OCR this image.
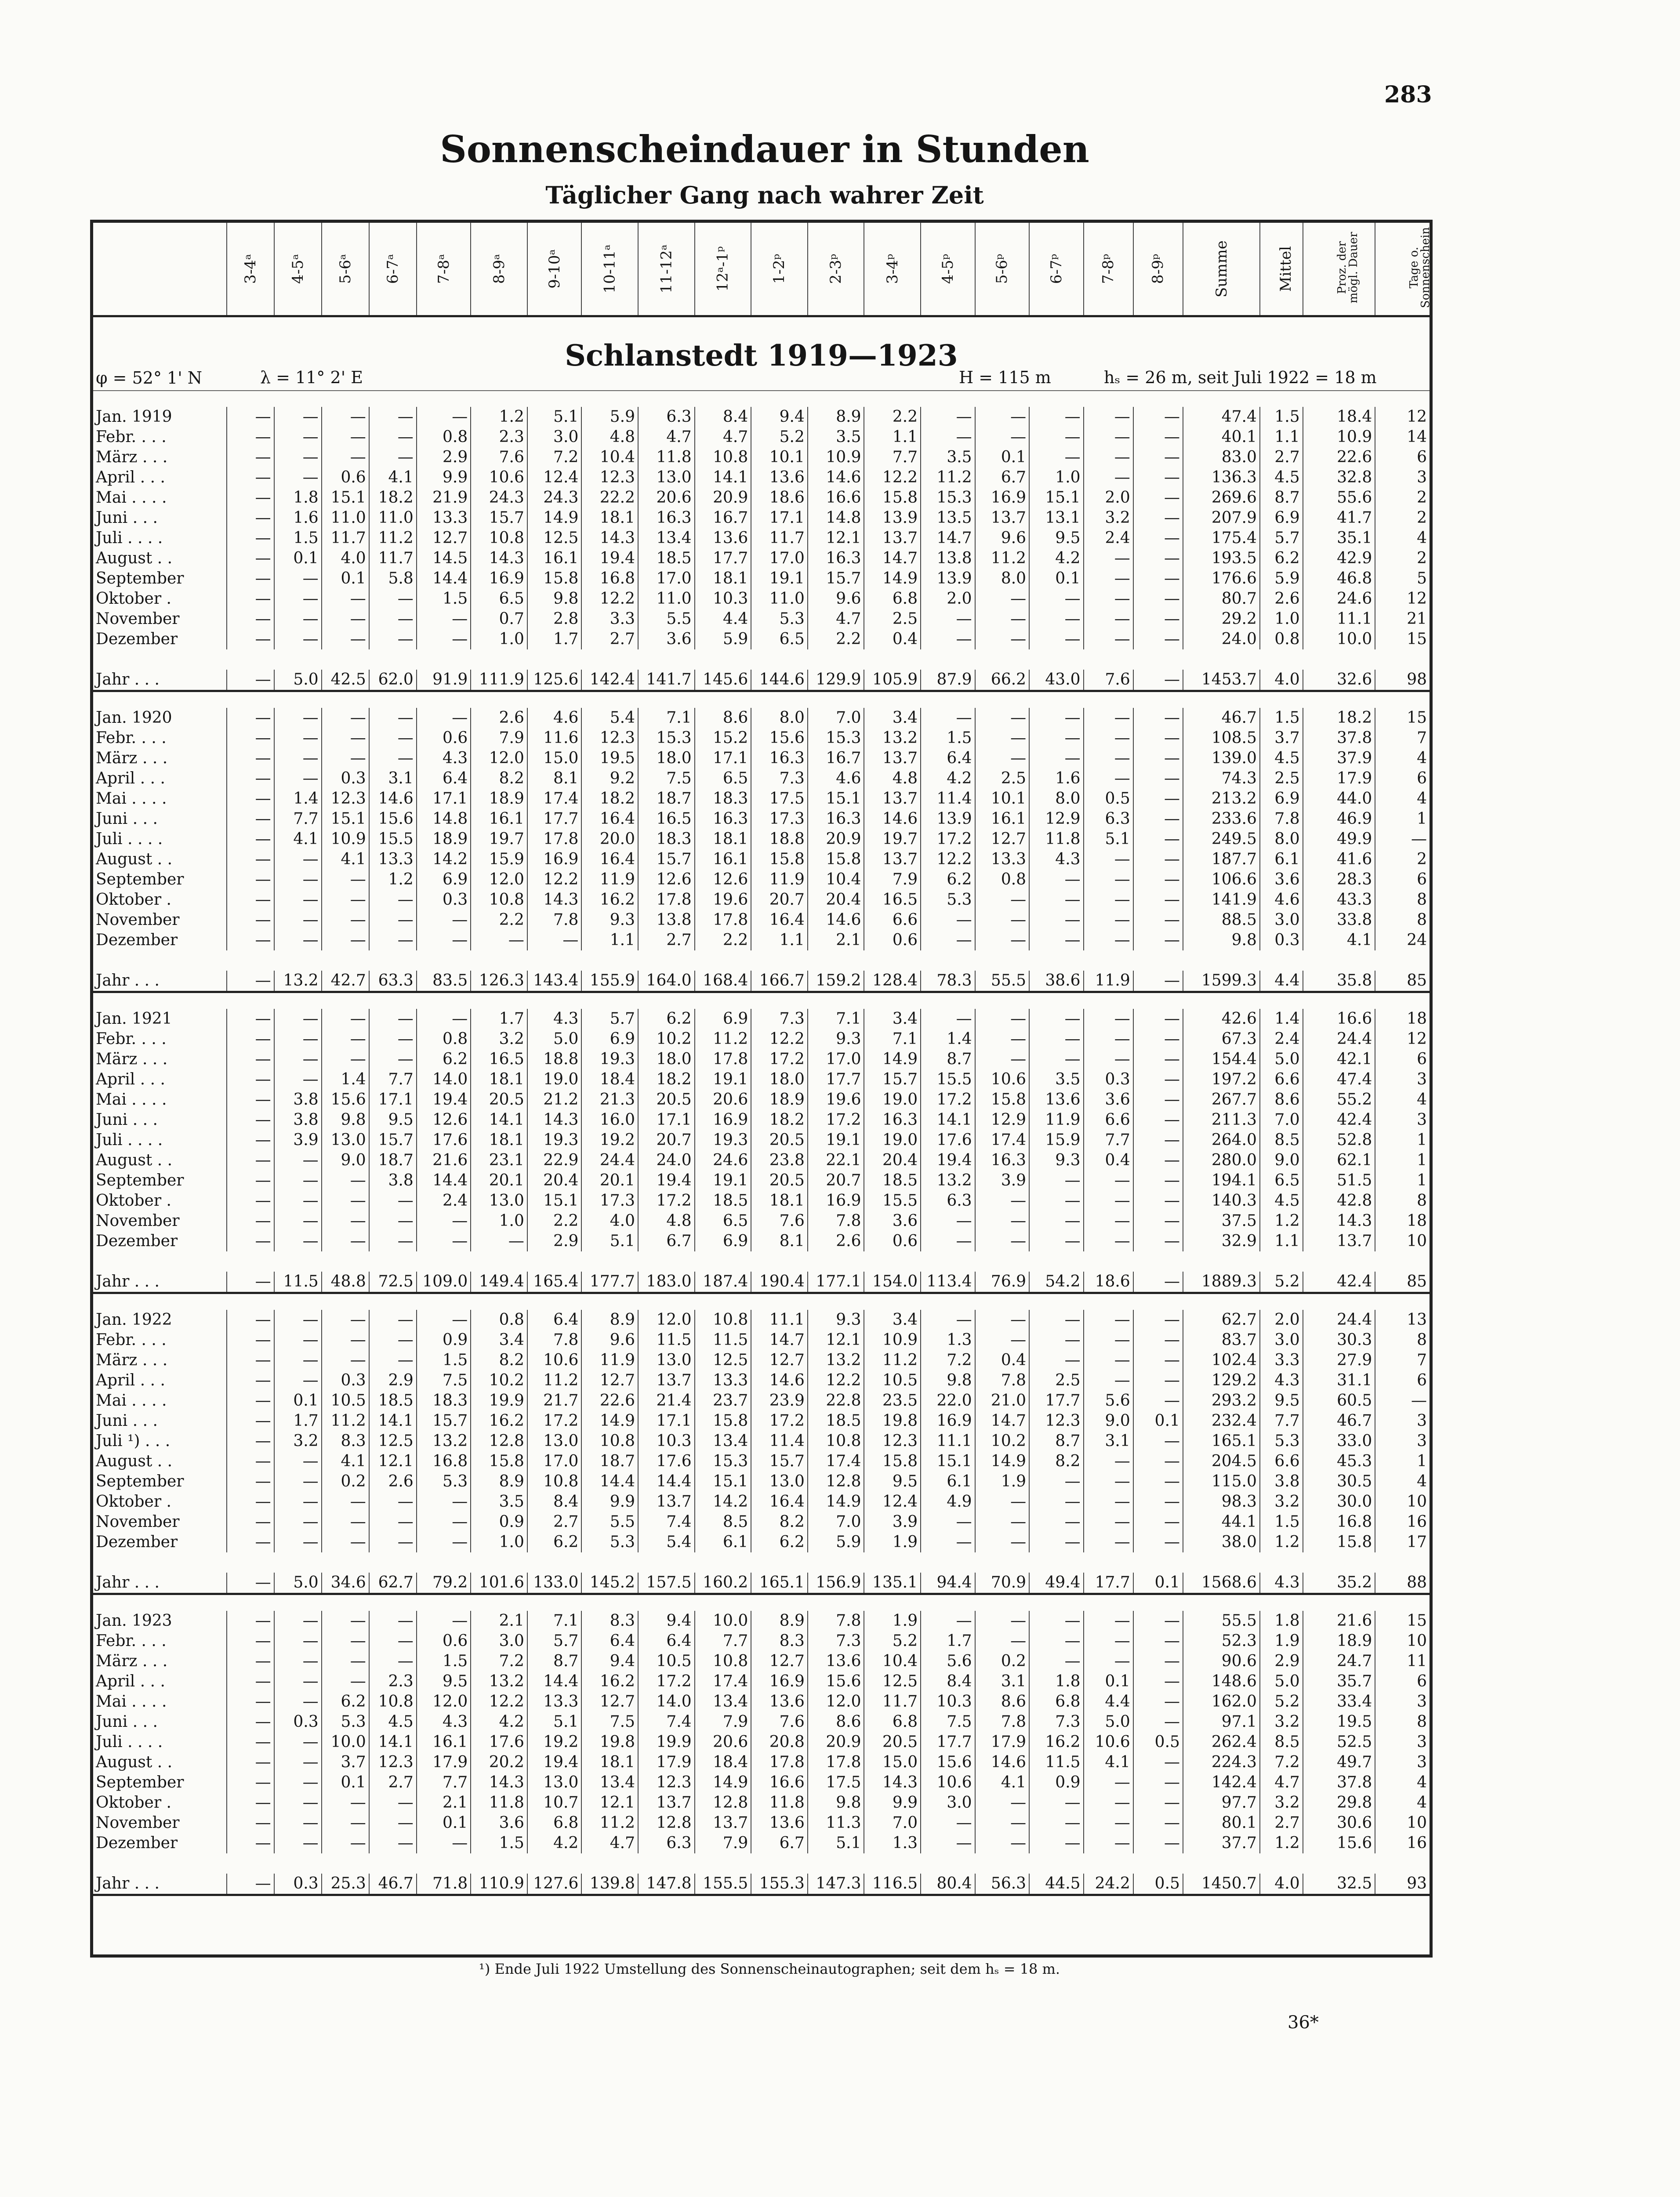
283
Sonnenscheindauer in Stunden
Täglicher Gang nach wahrer Zeit
	3-4ᵃ	4-5ᵃ	5-6ᵃ	6-7ᵃ	7-8ᵃ	8-9ᵃ	9-10ᵃ	10-11ᵃ	11-12ᵃ	12ᵃ-1ᵖ	1-2ᵖ	2-3ᵖ	3-4ᵖ	4-5ᵖ	5-6ᵖ	6-7ᵖ	7-8ᵖ	8-9ᵖ	Summe	Mittel	Proz. der mögl. Dauer	Tage o. Sonnenschein
Schlanstedt 1919—1923																						
φ = 52° 1' N λ = 11° 2' E H = 115 m hₛ = 26 m, seit Juli 1922 = 18 m																						

Jan. 1919	—	—	—	—	—	1.2	5.1	5.9	6.3	8.4	9.4	8.9	2.2	—	—	—	—	—	47.4	1.5	18.4	12
Febr. . . .	—	—	—	—	0.8	2.3	3.0	4.8	4.7	4.7	5.2	3.5	1.1	—	—	—	—	—	40.1	1.1	10.9	14
März . . .	—	—	—	—	2.9	7.6	7.2	10.4	11.8	10.8	10.1	10.9	7.7	3.5	0.1	—	—	—	83.0	2.7	22.6	6
April . . .	—	—	0.6	4.1	9.9	10.6	12.4	12.3	13.0	14.1	13.6	14.6	12.2	11.2	6.7	1.0	—	—	136.3	4.5	32.8	3
Mai . . . .	—	1.8	15.1	18.2	21.9	24.3	24.3	22.2	20.6	20.9	18.6	16.6	15.8	15.3	16.9	15.1	2.0	—	269.6	8.7	55.6	2
Juni . . .	—	1.6	11.0	11.0	13.3	15.7	14.9	18.1	16.3	16.7	17.1	14.8	13.9	13.5	13.7	13.1	3.2	—	207.9	6.9	41.7	2
Juli . . . .	—	1.5	11.7	11.2	12.7	10.8	12.5	14.3	13.4	13.6	11.7	12.1	13.7	14.7	9.6	9.5	2.4	—	175.4	5.7	35.1	4
August . .	—	0.1	4.0	11.7	14.5	14.3	16.1	19.4	18.5	17.7	17.0	16.3	14.7	13.8	11.2	4.2	—	—	193.5	6.2	42.9	2
September	—	—	0.1	5.8	14.4	16.9	15.8	16.8	17.0	18.1	19.1	15.7	14.9	13.9	8.0	0.1	—	—	176.6	5.9	46.8	5
Oktober .	—	—	—	—	1.5	6.5	9.8	12.2	11.0	10.3	11.0	9.6	6.8	2.0	—	—	—	—	80.7	2.6	24.6	12
November	—	—	—	—	—	0.7	2.8	3.3	5.5	4.4	5.3	4.7	2.5	—	—	—	—	—	29.2	1.0	11.1	21
Dezember	—	—	—	—	—	1.0	1.7	2.7	3.6	5.9	6.5	2.2	0.4	—	—	—	—	—	24.0	0.8	10.0	15

Jahr . . .	—	5.0	42.5	62.0	91.9	111.9	125.6	142.4	141.7	145.6	144.6	129.9	105.9	87.9	66.2	43.0	7.6	—	1453.7	4.0	32.6	98

Jan. 1920	—	—	—	—	—	2.6	4.6	5.4	7.1	8.6	8.0	7.0	3.4	—	—	—	—	—	46.7	1.5	18.2	15
Febr. . . .	—	—	—	—	0.6	7.9	11.6	12.3	15.3	15.2	15.6	15.3	13.2	1.5	—	—	—	—	108.5	3.7	37.8	7
März . . .	—	—	—	—	4.3	12.0	15.0	19.5	18.0	17.1	16.3	16.7	13.7	6.4	—	—	—	—	139.0	4.5	37.9	4
April . . .	—	—	0.3	3.1	6.4	8.2	8.1	9.2	7.5	6.5	7.3	4.6	4.8	4.2	2.5	1.6	—	—	74.3	2.5	17.9	6
Mai . . . .	—	1.4	12.3	14.6	17.1	18.9	17.4	18.2	18.7	18.3	17.5	15.1	13.7	11.4	10.1	8.0	0.5	—	213.2	6.9	44.0	4
Juni . . .	—	7.7	15.1	15.6	14.8	16.1	17.7	16.4	16.5	16.3	17.3	16.3	14.6	13.9	16.1	12.9	6.3	—	233.6	7.8	46.9	1
Juli . . . .	—	4.1	10.9	15.5	18.9	19.7	17.8	20.0	18.3	18.1	18.8	20.9	19.7	17.2	12.7	11.8	5.1	—	249.5	8.0	49.9	—
August . .	—	—	4.1	13.3	14.2	15.9	16.9	16.4	15.7	16.1	15.8	15.8	13.7	12.2	13.3	4.3	—	—	187.7	6.1	41.6	2
September	—	—	—	1.2	6.9	12.0	12.2	11.9	12.6	12.6	11.9	10.4	7.9	6.2	0.8	—	—	—	106.6	3.6	28.3	6
Oktober .	—	—	—	—	0.3	10.8	14.3	16.2	17.8	19.6	20.7	20.4	16.5	5.3	—	—	—	—	141.9	4.6	43.3	8
November	—	—	—	—	—	2.2	7.8	9.3	13.8	17.8	16.4	14.6	6.6	—	—	—	—	—	88.5	3.0	33.8	8
Dezember	—	—	—	—	—	—	—	1.1	2.7	2.2	1.1	2.1	0.6	—	—	—	—	—	9.8	0.3	4.1	24

Jahr . . .	—	13.2	42.7	63.3	83.5	126.3	143.4	155.9	164.0	168.4	166.7	159.2	128.4	78.3	55.5	38.6	11.9	—	1599.3	4.4	35.8	85

Jan. 1921	—	—	—	—	—	1.7	4.3	5.7	6.2	6.9	7.3	7.1	3.4	—	—	—	—	—	42.6	1.4	16.6	18
Febr. . . .	—	—	—	—	0.8	3.2	5.0	6.9	10.2	11.2	12.2	9.3	7.1	1.4	—	—	—	—	67.3	2.4	24.4	12
März . . .	—	—	—	—	6.2	16.5	18.8	19.3	18.0	17.8	17.2	17.0	14.9	8.7	—	—	—	—	154.4	5.0	42.1	6
April . . .	—	—	1.4	7.7	14.0	18.1	19.0	18.4	18.2	19.1	18.0	17.7	15.7	15.5	10.6	3.5	0.3	—	197.2	6.6	47.4	3
Mai . . . .	—	3.8	15.6	17.1	19.4	20.5	21.2	21.3	20.5	20.6	18.9	19.6	19.0	17.2	15.8	13.6	3.6	—	267.7	8.6	55.2	4
Juni . . .	—	3.8	9.8	9.5	12.6	14.1	14.3	16.0	17.1	16.9	18.2	17.2	16.3	14.1	12.9	11.9	6.6	—	211.3	7.0	42.4	3
Juli . . . .	—	3.9	13.0	15.7	17.6	18.1	19.3	19.2	20.7	19.3	20.5	19.1	19.0	17.6	17.4	15.9	7.7	—	264.0	8.5	52.8	1
August . .	—	—	9.0	18.7	21.6	23.1	22.9	24.4	24.0	24.6	23.8	22.1	20.4	19.4	16.3	9.3	0.4	—	280.0	9.0	62.1	1
September	—	—	—	3.8	14.4	20.1	20.4	20.1	19.4	19.1	20.5	20.7	18.5	13.2	3.9	—	—	—	194.1	6.5	51.5	1
Oktober .	—	—	—	—	2.4	13.0	15.1	17.3	17.2	18.5	18.1	16.9	15.5	6.3	—	—	—	—	140.3	4.5	42.8	8
November	—	—	—	—	—	1.0	2.2	4.0	4.8	6.5	7.6	7.8	3.6	—	—	—	—	—	37.5	1.2	14.3	18
Dezember	—	—	—	—	—	—	2.9	5.1	6.7	6.9	8.1	2.6	0.6	—	—	—	—	—	32.9	1.1	13.7	10

Jahr . . .	—	11.5	48.8	72.5	109.0	149.4	165.4	177.7	183.0	187.4	190.4	177.1	154.0	113.4	76.9	54.2	18.6	—	1889.3	5.2	42.4	85

Jan. 1922	—	—	—	—	—	0.8	6.4	8.9	12.0	10.8	11.1	9.3	3.4	—	—	—	—	—	62.7	2.0	24.4	13
Febr. . . .	—	—	—	—	0.9	3.4	7.8	9.6	11.5	11.5	14.7	12.1	10.9	1.3	—	—	—	—	83.7	3.0	30.3	8
März . . .	—	—	—	—	1.5	8.2	10.6	11.9	13.0	12.5	12.7	13.2	11.2	7.2	0.4	—	—	—	102.4	3.3	27.9	7
April . . .	—	—	0.3	2.9	7.5	10.2	11.2	12.7	13.7	13.3	14.6	12.2	10.5	9.8	7.8	2.5	—	—	129.2	4.3	31.1	6
Mai . . . .	—	0.1	10.5	18.5	18.3	19.9	21.7	22.6	21.4	23.7	23.9	22.8	23.5	22.0	21.0	17.7	5.6	—	293.2	9.5	60.5	—
Juni . . .	—	1.7	11.2	14.1	15.7	16.2	17.2	14.9	17.1	15.8	17.2	18.5	19.8	16.9	14.7	12.3	9.0	0.1	232.4	7.7	46.7	3
Juli ¹) . . .	—	3.2	8.3	12.5	13.2	12.8	13.0	10.8	10.3	13.4	11.4	10.8	12.3	11.1	10.2	8.7	3.1	—	165.1	5.3	33.0	3
August . .	—	—	4.1	12.1	16.8	15.8	17.0	18.7	17.6	15.3	15.7	17.4	15.8	15.1	14.9	8.2	—	—	204.5	6.6	45.3	1
September	—	—	0.2	2.6	5.3	8.9	10.8	14.4	14.4	15.1	13.0	12.8	9.5	6.1	1.9	—	—	—	115.0	3.8	30.5	4
Oktober .	—	—	—	—	—	3.5	8.4	9.9	13.7	14.2	16.4	14.9	12.4	4.9	—	—	—	—	98.3	3.2	30.0	10
November	—	—	—	—	—	0.9	2.7	5.5	7.4	8.5	8.2	7.0	3.9	—	—	—	—	—	44.1	1.5	16.8	16
Dezember	—	—	—	—	—	1.0	6.2	5.3	5.4	6.1	6.2	5.9	1.9	—	—	—	—	—	38.0	1.2	15.8	17

Jahr . . .	—	5.0	34.6	62.7	79.2	101.6	133.0	145.2	157.5	160.2	165.1	156.9	135.1	94.4	70.9	49.4	17.7	0.1	1568.6	4.3	35.2	88

Jan. 1923	—	—	—	—	—	2.1	7.1	8.3	9.4	10.0	8.9	7.8	1.9	—	—	—	—	—	55.5	1.8	21.6	15
Febr. . . .	—	—	—	—	0.6	3.0	5.7	6.4	6.4	7.7	8.3	7.3	5.2	1.7	—	—	—	—	52.3	1.9	18.9	10
März . . .	—	—	—	—	1.5	7.2	8.7	9.4	10.5	10.8	12.7	13.6	10.4	5.6	0.2	—	—	—	90.6	2.9	24.7	11
April . . .	—	—	—	2.3	9.5	13.2	14.4	16.2	17.2	17.4	16.9	15.6	12.5	8.4	3.1	1.8	0.1	—	148.6	5.0	35.7	6
Mai . . . .	—	—	6.2	10.8	12.0	12.2	13.3	12.7	14.0	13.4	13.6	12.0	11.7	10.3	8.6	6.8	4.4	—	162.0	5.2	33.4	3
Juni . . .	—	0.3	5.3	4.5	4.3	4.2	5.1	7.5	7.4	7.9	7.6	8.6	6.8	7.5	7.8	7.3	5.0	—	97.1	3.2	19.5	8
Juli . . . .	—	—	10.0	14.1	16.1	17.6	19.2	19.8	19.9	20.6	20.8	20.9	20.5	17.7	17.9	16.2	10.6	0.5	262.4	8.5	52.5	3
August . .	—	—	3.7	12.3	17.9	20.2	19.4	18.1	17.9	18.4	17.8	17.8	15.0	15.6	14.6	11.5	4.1	—	224.3	7.2	49.7	3
September	—	—	0.1	2.7	7.7	14.3	13.0	13.4	12.3	14.9	16.6	17.5	14.3	10.6	4.1	0.9	—	—	142.4	4.7	37.8	4
Oktober .	—	—	—	—	2.1	11.8	10.7	12.1	13.7	12.8	11.8	9.8	9.9	3.0	—	—	—	—	97.7	3.2	29.8	4
November	—	—	—	—	0.1	3.6	6.8	11.2	12.8	13.7	13.6	11.3	7.0	—	—	—	—	—	80.1	2.7	30.6	10
Dezember	—	—	—	—	—	1.5	4.2	4.7	6.3	7.9	6.7	5.1	1.3	—	—	—	—	—	37.7	1.2	15.6	16

Jahr . . .	—	0.3	25.3	46.7	71.8	110.9	127.6	139.8	147.8	155.5	155.3	147.3	116.5	80.4	56.3	44.5	24.2	0.5	1450.7	4.0	32.5	93
¹) Ende Juli 1922 Umstellung des Sonnenscheinautographen; seit dem hₛ = 18 m.
36*
